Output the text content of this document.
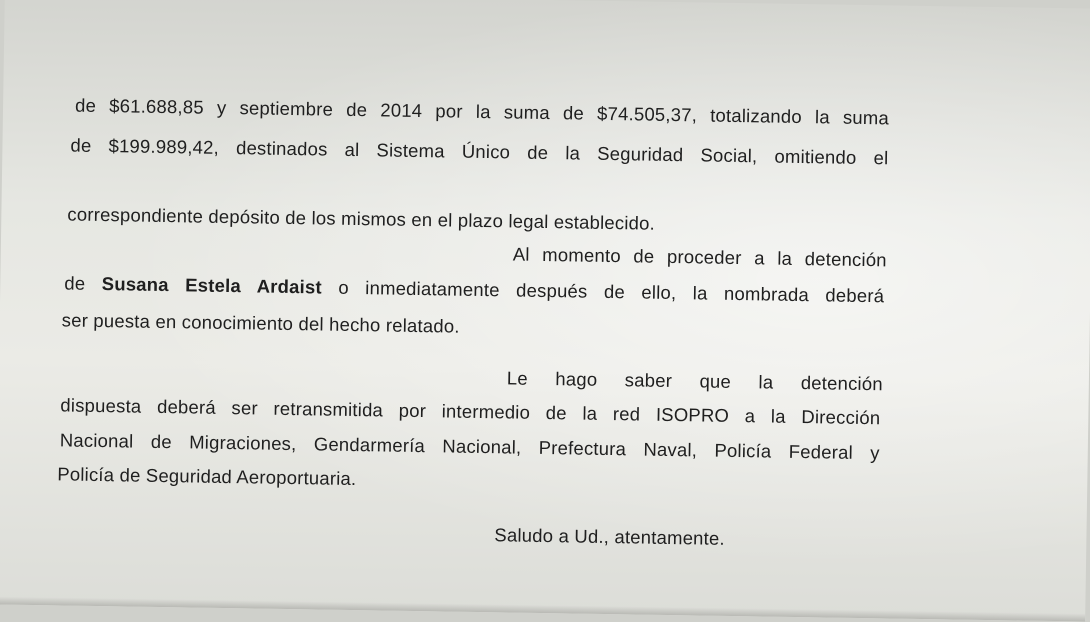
de $61.688,85 y septiembre de 2014 por la suma de $74.505,37, totalizando la suma

de $199.989,42, destinados al Sistema Único de la Seguridad Social, omitiendo el

correspondiente depósito de los mismos en el plazo legal establecido.

Al momento de proceder a la detención

de Susana Estela Ardaist o inmediatamente después de ello, la nombrada deberá

ser puesta en conocimiento del hecho relatado.

Le hago saber que la detención

dispuesta deberá ser retransmitida por intermedio de la red ISOPRO a la Dirección

Nacional de Migraciones, Gendarmería Nacional, Prefectura Naval, Policía Federal y

Policía de Seguridad Aeroportuaria.

Saludo a Ud., atentamente.
